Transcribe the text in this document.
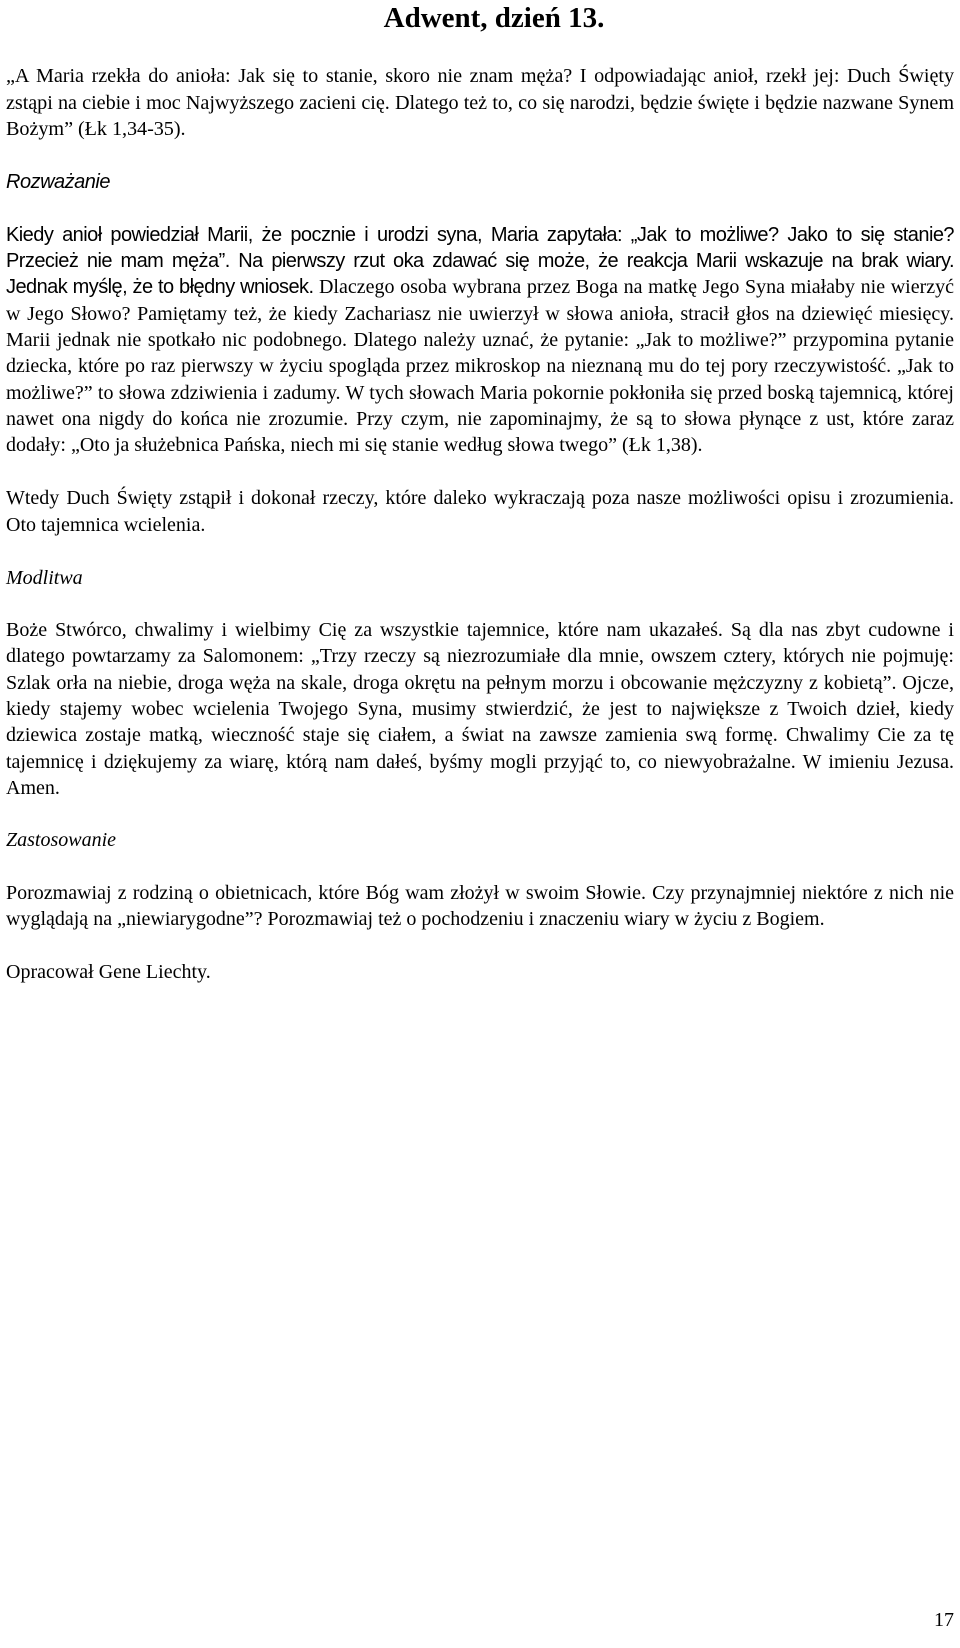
Adwent, dzień 13.

„A Maria rzekła do anioła: Jak się to stanie, skoro nie znam męża? I odpowiadając anioł, rzekł jej: Duch Święty zstąpi na ciebie i moc Najwyższego zacieni cię. Dlatego też to, co się narodzi, będzie święte i będzie nazwane Synem Bożym” (Łk 1,34-35).

Rozważanie

Kiedy anioł powiedział Marii, że pocznie i urodzi syna, Maria zapytała: „Jak to możliwe? Jako to się stanie? Przecież nie mam męża”. Na pierwszy rzut oka zdawać się może, że reakcja Marii wskazuje na brak wiary. Jednak myślę, że to błędny wniosek. Dlaczego osoba wybrana przez Boga na matkę Jego Syna miałaby nie wierzyć w Jego Słowo? Pamiętamy też, że kiedy Zachariasz nie uwierzył w słowa anioła, stracił głos na dziewięć miesięcy. Marii jednak nie spotkało nic podobnego. Dlatego należy uznać, że pytanie: „Jak to możliwe?” przypomina pytanie dziecka, które po raz pierwszy w życiu spogląda przez mikroskop na nieznaną mu do tej pory rzeczywistość. „Jak to możliwe?” to słowa zdziwienia i zadumy. W tych słowach Maria pokornie pokłoniła się przed boską tajemnicą, której nawet ona nigdy do końca nie zrozumie. Przy czym, nie zapominajmy, że są to słowa płynące z ust, które zaraz dodały: „Oto ja służebnica Pańska, niech mi się stanie według słowa twego” (Łk 1,38).

Wtedy Duch Święty zstąpił i dokonał rzeczy, które daleko wykraczają poza nasze możliwości opisu i zrozumienia. Oto tajemnica wcielenia.

Modlitwa

Boże Stwórco, chwalimy i wielbimy Cię za wszystkie tajemnice, które nam ukazałeś. Są dla nas zbyt cudowne i dlatego powtarzamy za Salomonem: „Trzy rzeczy są niezrozumiałe dla mnie, owszem cztery, których nie pojmuję: Szlak orła na niebie, droga węża na skale, droga okrętu na pełnym morzu i obcowanie mężczyzny z kobietą”. Ojcze, kiedy stajemy wobec wcielenia Twojego Syna, musimy stwierdzić, że jest to największe z Twoich dzieł, kiedy dziewica zostaje matką, wieczność staje się ciałem, a świat na zawsze zamienia swą formę. Chwalimy Cie za tę tajemnicę i dziękujemy za wiarę, którą nam dałeś, byśmy mogli przyjąć to, co niewyobrażalne. W imieniu Jezusa. Amen.

Zastosowanie

Porozmawiaj z rodziną o obietnicach, które Bóg wam złożył w swoim Słowie. Czy przynajmniej niektóre z nich nie wyglądają na „niewiarygodne”? Porozmawiaj też o pochodzeniu i znaczeniu wiary w życiu z Bogiem.

Opracował Gene Liechty.

17
